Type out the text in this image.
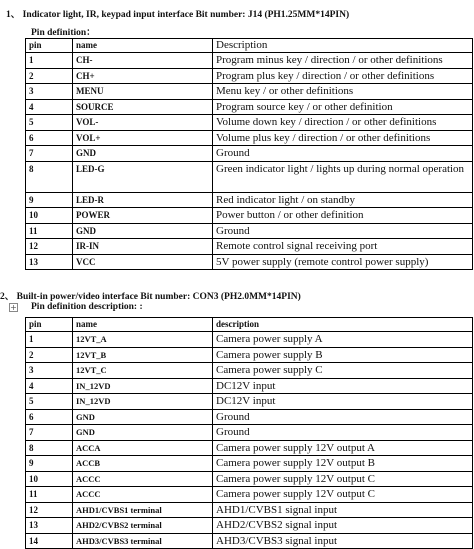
1、 Indicator light, IR, keypad input interface Bit number: J14 (PH1.25MM*14PIN)
Pin definition：
pin	name	Description
1	CH-	Program minus key / direction / or other definitions
2	CH+	Program plus key / direction / or other definitions
3	MENU	Menu key / or other definitions
4	SOURCE	Program source key / or other definition
5	VOL-	Volume down key / direction / or other definitions
6	VOL+	Volume plus key / direction / or other definitions
7	GND	Ground
8	LED-G	Green indicator light / lights up during normal operation
9	LED-R	Red indicator light / on standby
10	POWER	Power button / or other definition
11	GND	Ground
12	IR-IN	Remote control signal receiving port
13	VCC	5V power supply (remote control power supply)
+
2、 Built-in power/video interface Bit number: CON3 (PH2.0MM*14PIN)
Pin definition description: :
pin	name	description
1	12VT_A	Camera power supply A
2	12VT_B	Camera power supply B
3	12VT_C	Camera power supply C
4	IN_12VD	DC12V input
5	IN_12VD	DC12V input
6	GND	Ground
7	GND	Ground
8	ACCA	Camera power supply 12V output A
9	ACCB	Camera power supply 12V output B
10	ACCC	Camera power supply 12V output C
11	ACCC	Camera power supply 12V output C
12	AHD1/CVBS1 terminal	AHD1/CVBS1 signal input
13	AHD2/CVBS2 terminal	AHD2/CVBS2 signal input
14	AHD3/CVBS3 terminal	AHD3/CVBS3 signal input
